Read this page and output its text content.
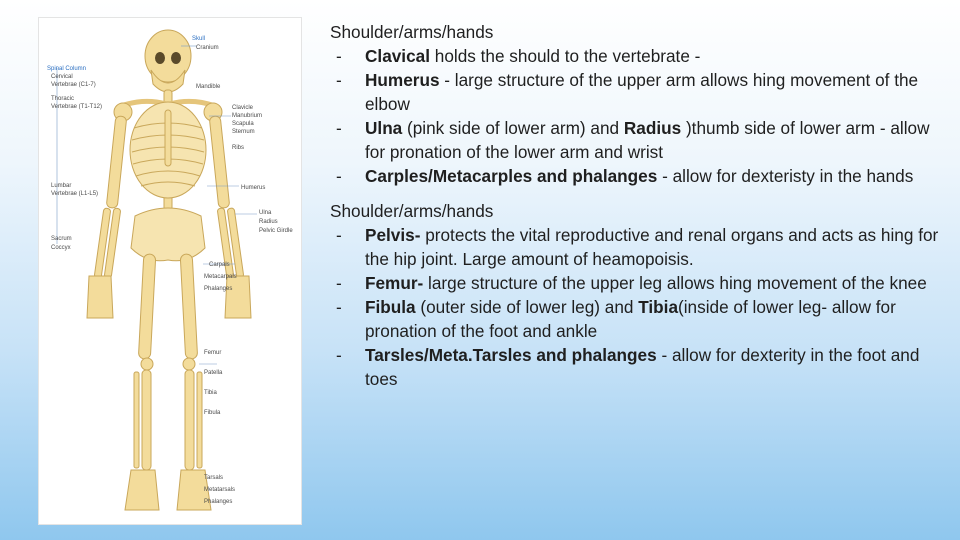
Spinal Column
Cervical
Vertebrae (C1-7)
Thoracic
Vertebrae (T1-T12)
Lumbar
Vertebrae (L1-L5)
Sacrum
Coccyx
Skull
Cranium
Mandible
Clavicle
Manubrium
Scapula
Sternum
Ribs
Humerus
Ulna
Radius
Pelvic Girdle
Carpals
Metacarpals
Phalanges
Femur
Patella
Tibia
Fibula
Tarsals
Metatarsals
Phalanges
Shoulder/arms/hands
- Clavical holds the should to the vertebrate -
- Humerus - large structure of the upper arm allows hing movement of the elbow
- Ulna (pink side of lower arm) and Radius )thumb side of lower arm - allow for pronation of the lower arm and wrist
- Carples/Metacarples and phalanges - allow for dexteristy in the hands
Shoulder/arms/hands
- Pelvis- protects the vital reproductive and renal organs and acts as hing for the hip joint. Large amount of heamopoisis.
- Femur- large structure of the upper leg allows hing movement of the knee
- Fibula (outer side of lower leg) and Tibia(inside of lower leg- allow for pronation of the foot and ankle
- Tarsles/Meta.Tarsles and phalanges - allow for dexterity in the foot and toes
